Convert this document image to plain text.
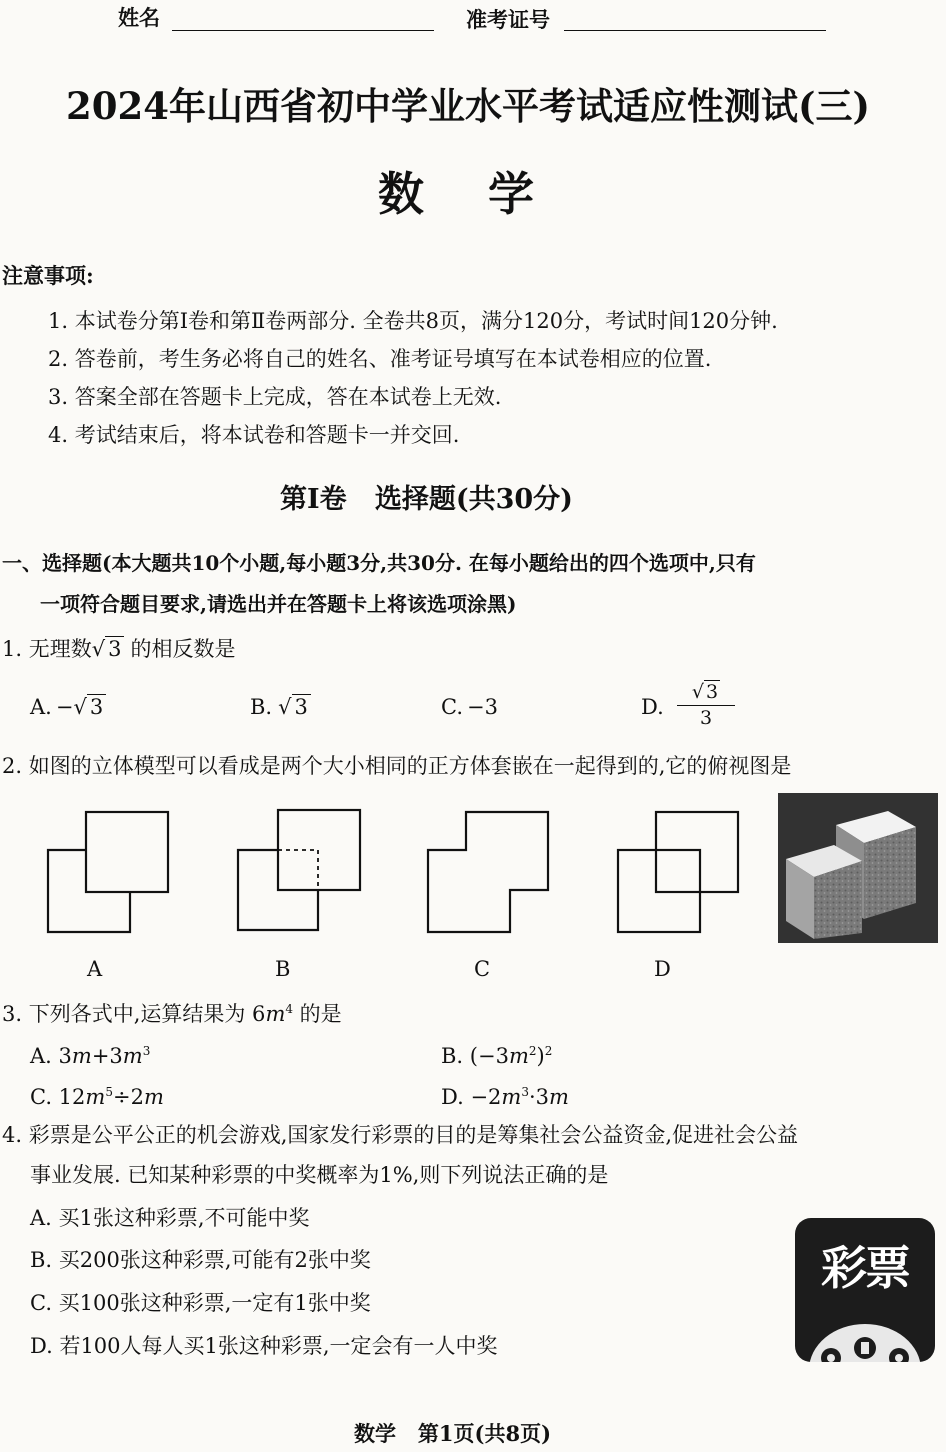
姓名	准考证号
2024年山西省初中学业水平考试适应性测试(三)
数    学
注意事项:
1. 本试卷分第Ⅰ卷和第Ⅱ卷两部分. 全卷共8页，满分120分，考试时间120分钟.
2. 答卷前，考生务必将自己的姓名、准考证号填写在本试卷相应的位置.
3. 答案全部在答题卡上完成，答在本试卷上无效.
4. 考试结束后，将本试卷和答题卡一并交回.
第Ⅰ卷   选择题(共30分)
一、选择题(本大题共10个小题,每小题3分,共30分. 在每小题给出的四个选项中,只有
一项符合题目要求,请选出并在答题卡上将该选项涂黑)
1. 无理数√ 3 的相反数是
A. −√ 3	B. √ 3	C. −3	D. $\frac{√ 3}{3}$
2. 如图的立体模型可以看成是两个大小相同的正方体套嵌在一起得到的,它的俯视图是
A	B	C	D
3. 下列各式中,运算结果为 $6m^4$ 的是
A. $3m+3m^3$	B. $(-3m^2)^2$
C. $12m^5\div 2m$	D. $-2m^3\cdot 3m$
4. 彩票是公平公正的机会游戏,国家发行彩票的目的是筹集社会公益资金,促进社会公益
事业发展. 已知某种彩票的中奖概率为1%,则下列说法正确的是
A. 买1张这种彩票,不可能中奖
B. 买200张这种彩票,可能有2张中奖
C. 买100张这种彩票,一定有1张中奖
D. 若100人每人买1张这种彩票,一定会有一人中奖
彩票
数学   第1页(共8页)
